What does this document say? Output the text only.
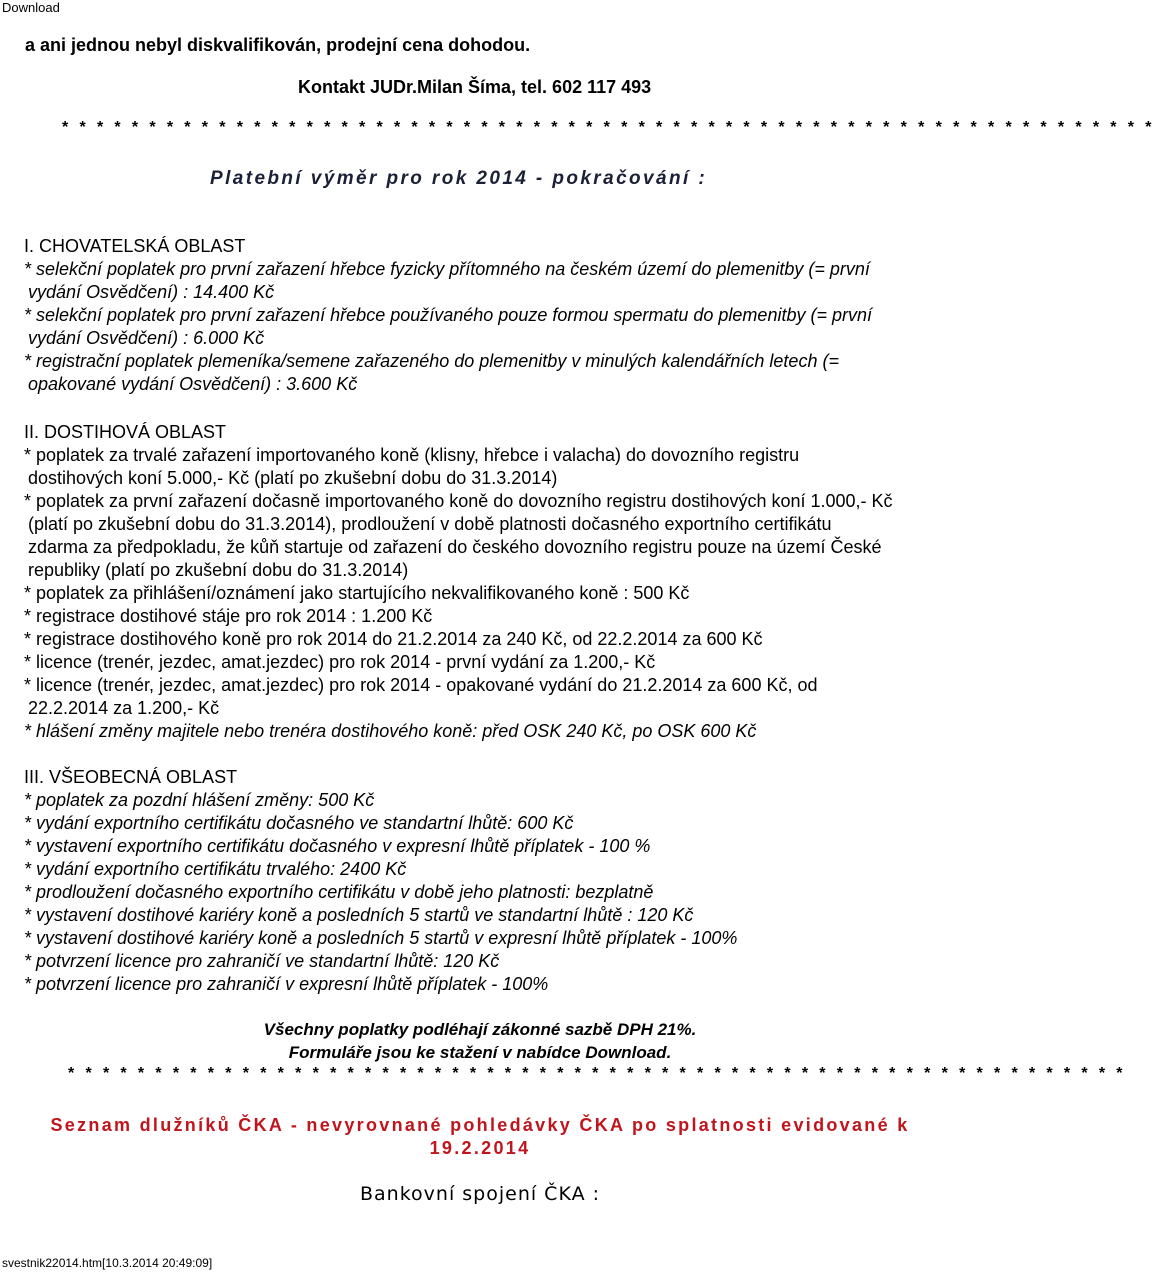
Download
a ani jednou nebyl diskvalifikován, prodejní cena dohodou.
Kontakt JUDr.Milan Šíma, tel. 602 117 493
* * * * * * * * * * * * * * * * * * * * * * * * * * * * * * * * * * * * * * * * * * * * * * * * * * * * * * * * * * * * * * *
Platební výměr pro rok 2014 - pokračování :
I. CHOVATELSKÁ OBLAST
* selekční poplatek pro první zařazení hřebce fyzicky přítomného na českém území do plemenitby (= první
vydání Osvědčení) : 14.400 Kč
* selekční poplatek pro první zařazení hřebce používaného pouze formou spermatu do plemenitby (= první
vydání Osvědčení) : 6.000 Kč
* registrační poplatek plemeníka/semene zařazeného do plemenitby v minulých kalendářních letech (=
opakované vydání Osvědčení) : 3.600 Kč
II. DOSTIHOVÁ OBLAST
* poplatek za trvalé zařazení importovaného koně (klisny, hřebce i valacha) do dovozního registru
dostihových koní 5.000,- Kč (platí po zkušební dobu do 31.3.2014)
* poplatek za první zařazení dočasně importovaného koně do dovozního registru dostihových koní 1.000,- Kč
(platí po zkušební dobu do 31.3.2014), prodloužení v době platnosti dočasného exportního certifikátu
zdarma za předpokladu, že kůň startuje od zařazení do českého dovozního registru pouze na území České
republiky (platí po zkušební dobu do 31.3.2014)
* poplatek za přihlášení/oznámení jako startujícího nekvalifikovaného koně : 500 Kč
* registrace dostihové stáje pro rok 2014 : 1.200 Kč
* registrace dostihového koně pro rok 2014 do 21.2.2014 za 240 Kč, od 22.2.2014 za 600 Kč
* licence (trenér, jezdec, amat.jezdec) pro rok 2014 - první vydání za 1.200,- Kč
* licence (trenér, jezdec, amat.jezdec) pro rok 2014 - opakované vydání do 21.2.2014 za 600 Kč, od
22.2.2014 za 1.200,- Kč
* hlášení změny majitele nebo trenéra dostihového koně: před OSK 240 Kč, po OSK 600 Kč
III. VŠEOBECNÁ OBLAST
* poplatek za pozdní hlášení změny: 500 Kč
* vydání exportního certifikátu dočasného ve standartní lhůtě: 600 Kč
* vystavení exportního certifikátu dočasného v expresní lhůtě příplatek - 100 %
* vydání exportního certifikátu trvalého: 2400 Kč
* prodloužení dočasného exportního certifikátu v době jeho platnosti: bezplatně
* vystavení dostihové kariéry koně a posledních 5 startů ve standartní lhůtě : 120 Kč
* vystavení dostihové kariéry koně a posledních 5 startů v expresní lhůtě příplatek - 100%
* potvrzení licence pro zahraničí ve standartní lhůtě: 120 Kč
* potvrzení licence pro zahraničí v expresní lhůtě příplatek - 100%
Všechny poplatky podléhají zákonné sazbě DPH 21%.
Formuláře jsou ke stažení v nabídce Download.
* * * * * * * * * * * * * * * * * * * * * * * * * * * * * * * * * * * * * * * * * * * * * * * * * * * * * * * * * * * * *
Seznam dlužníků ČKA - nevyrovnané pohledávky ČKA po splatnosti evidované k
19.2.2014
Bankovní spojení ČKA :
svestnik22014.htm[10.3.2014 20:49:09]
